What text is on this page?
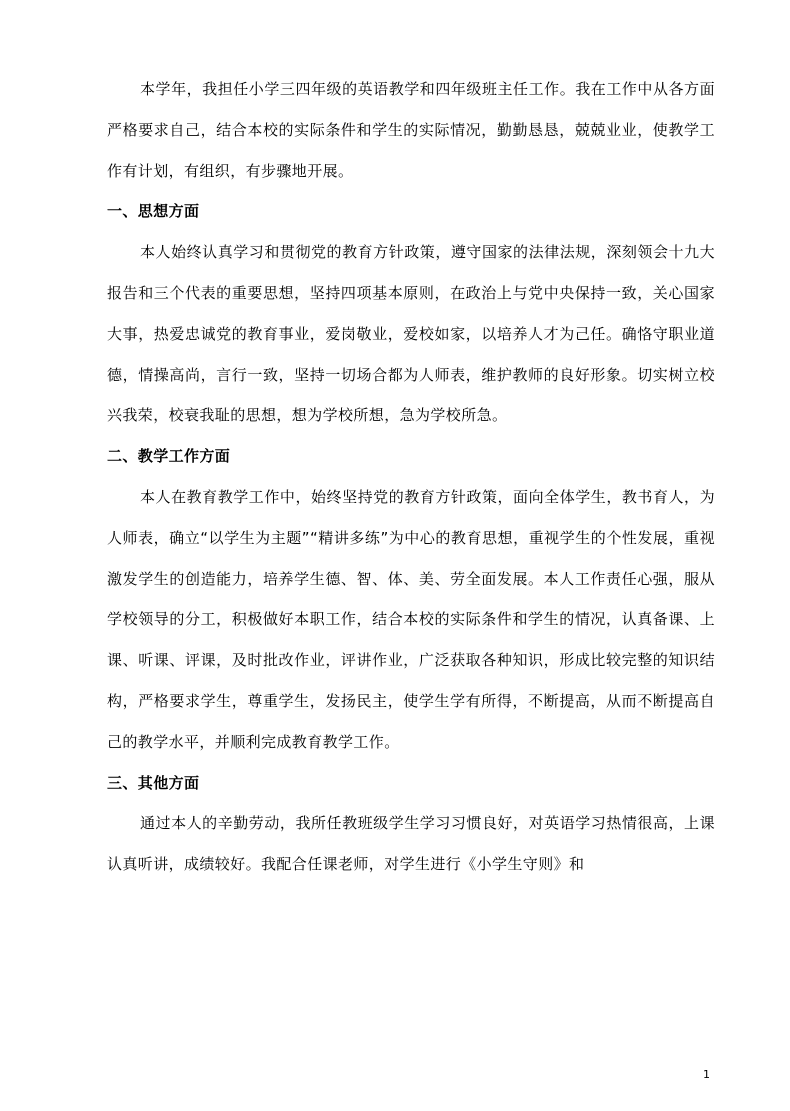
本学年，我担任小学三四年级的英语教学和四年级班主任工作。我在工作中从各方面严格要求自己，结合本校的实际条件和学生的实际情况，勤勤恳恳，兢兢业业，使教学工作有计划，有组织，有步骤地开展。

一、思想方面

本人始终认真学习和贯彻党的教育方针政策，遵守国家的法律法规，深刻领会十九大报告和三个代表的重要思想，坚持四项基本原则，在政治上与党中央保持一致，关心国家大事，热爱忠诚党的教育事业，爱岗敬业，爱校如家，以培养人才为己任。确恪守职业道德，情操高尚，言行一致，坚持一切场合都为人师表，维护教师的良好形象。切实树立校兴我荣，校衰我耻的思想，想为学校所想，急为学校所急。

二、教学工作方面

本人在教育教学工作中，始终坚持党的教育方针政策，面向全体学生，教书育人，为人师表，确立“以学生为主题”“精讲多练”为中心的教育思想，重视学生的个性发展，重视激发学生的创造能力，培养学生德、智、体、美、劳全面发展。本人工作责任心强，服从学校领导的分工，积极做好本职工作，结合本校的实际条件和学生的情况，认真备课、上课、听课、评课，及时批改作业，评讲作业，广泛获取各种知识，形成比较完整的知识结构，严格要求学生，尊重学生，发扬民主，使学生学有所得，不断提高，从而不断提高自己的教学水平，并顺利完成教育教学工作。

三、其他方面

通过本人的辛勤劳动，我所任教班级学生学习习惯良好，对英语学习热情很高，上课认真听讲，成绩较好。我配合任课老师，对学生进行《小学生守则》和

1
